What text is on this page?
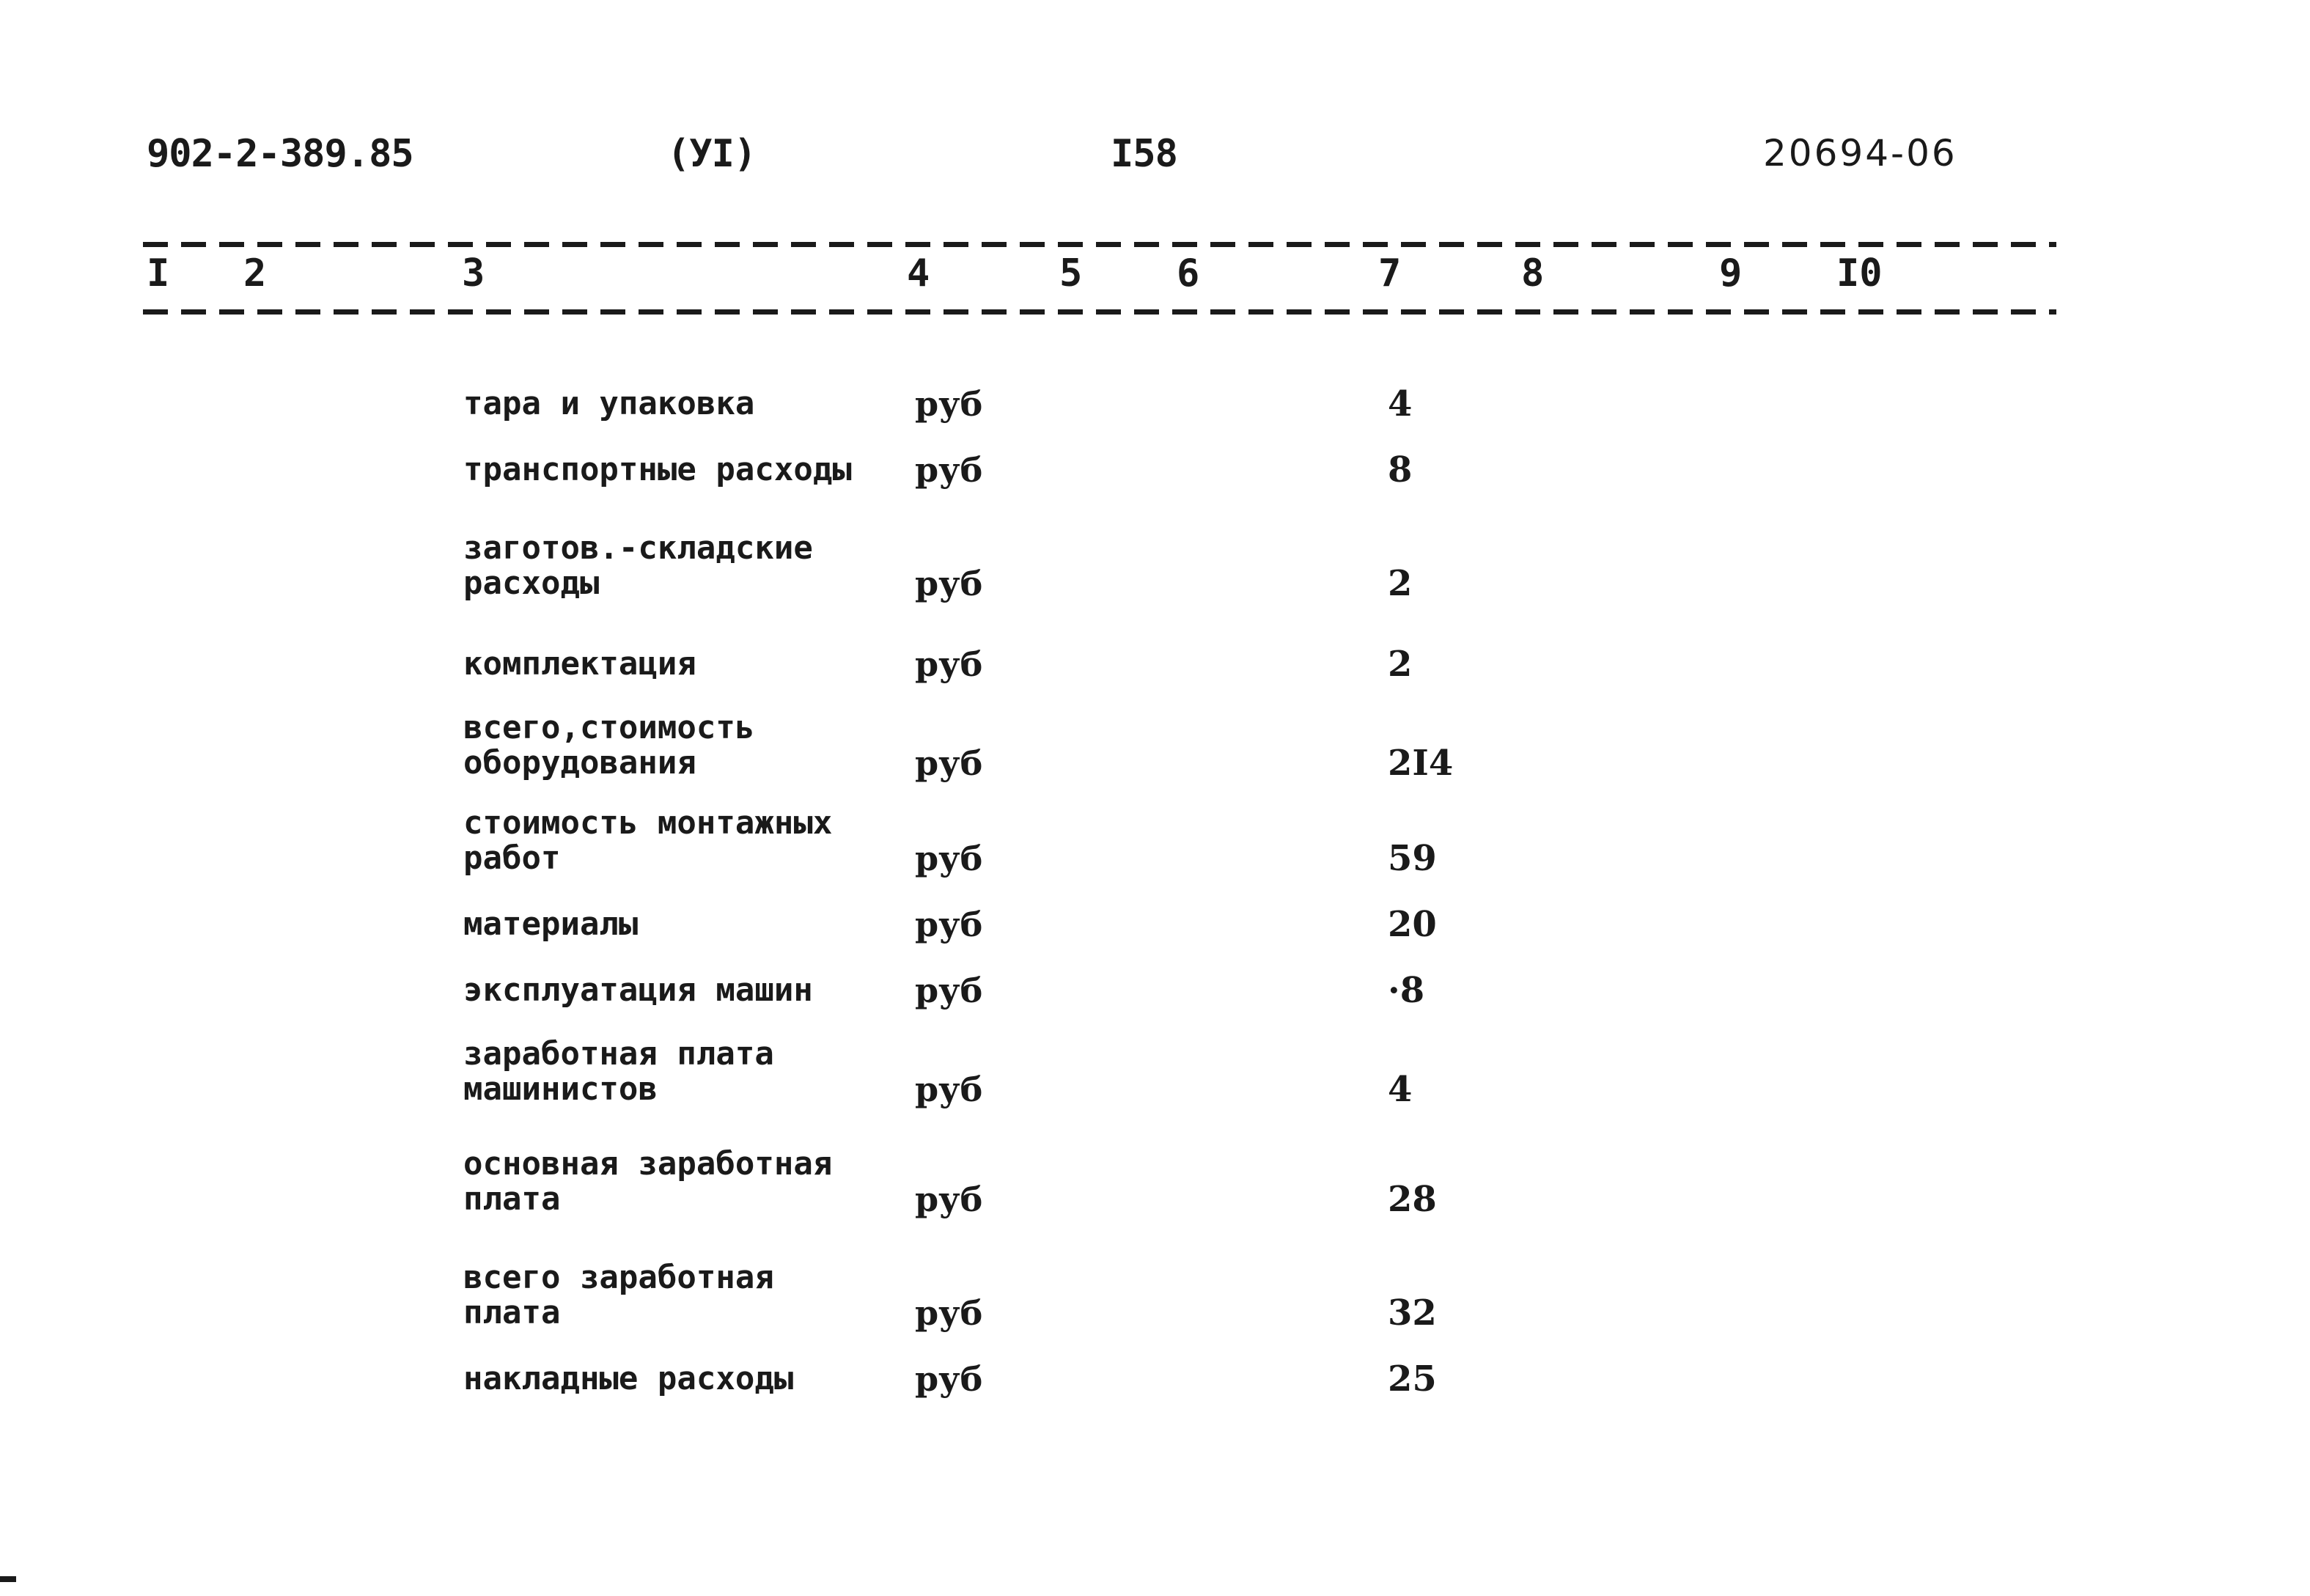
902-2-389.85	(УI)	I58	20694-06
I 2	3	4	5 6	7	8	9 I0
тара и упаковка	руб	4
транспортные расходы	руб	8
заготов.-складские
расходы	руб	2
комплектация	руб	2
всего,стоимость
оборудования	руб	2I4
стоимость монтажных
работ	руб	59
материалы	руб	20
эксплуатация машин	руб	·8
заработная плата
машинистов	руб	4
основная заработная
плата	руб	28
всего заработная
плата	руб	32
накладные расходы	руб	25
